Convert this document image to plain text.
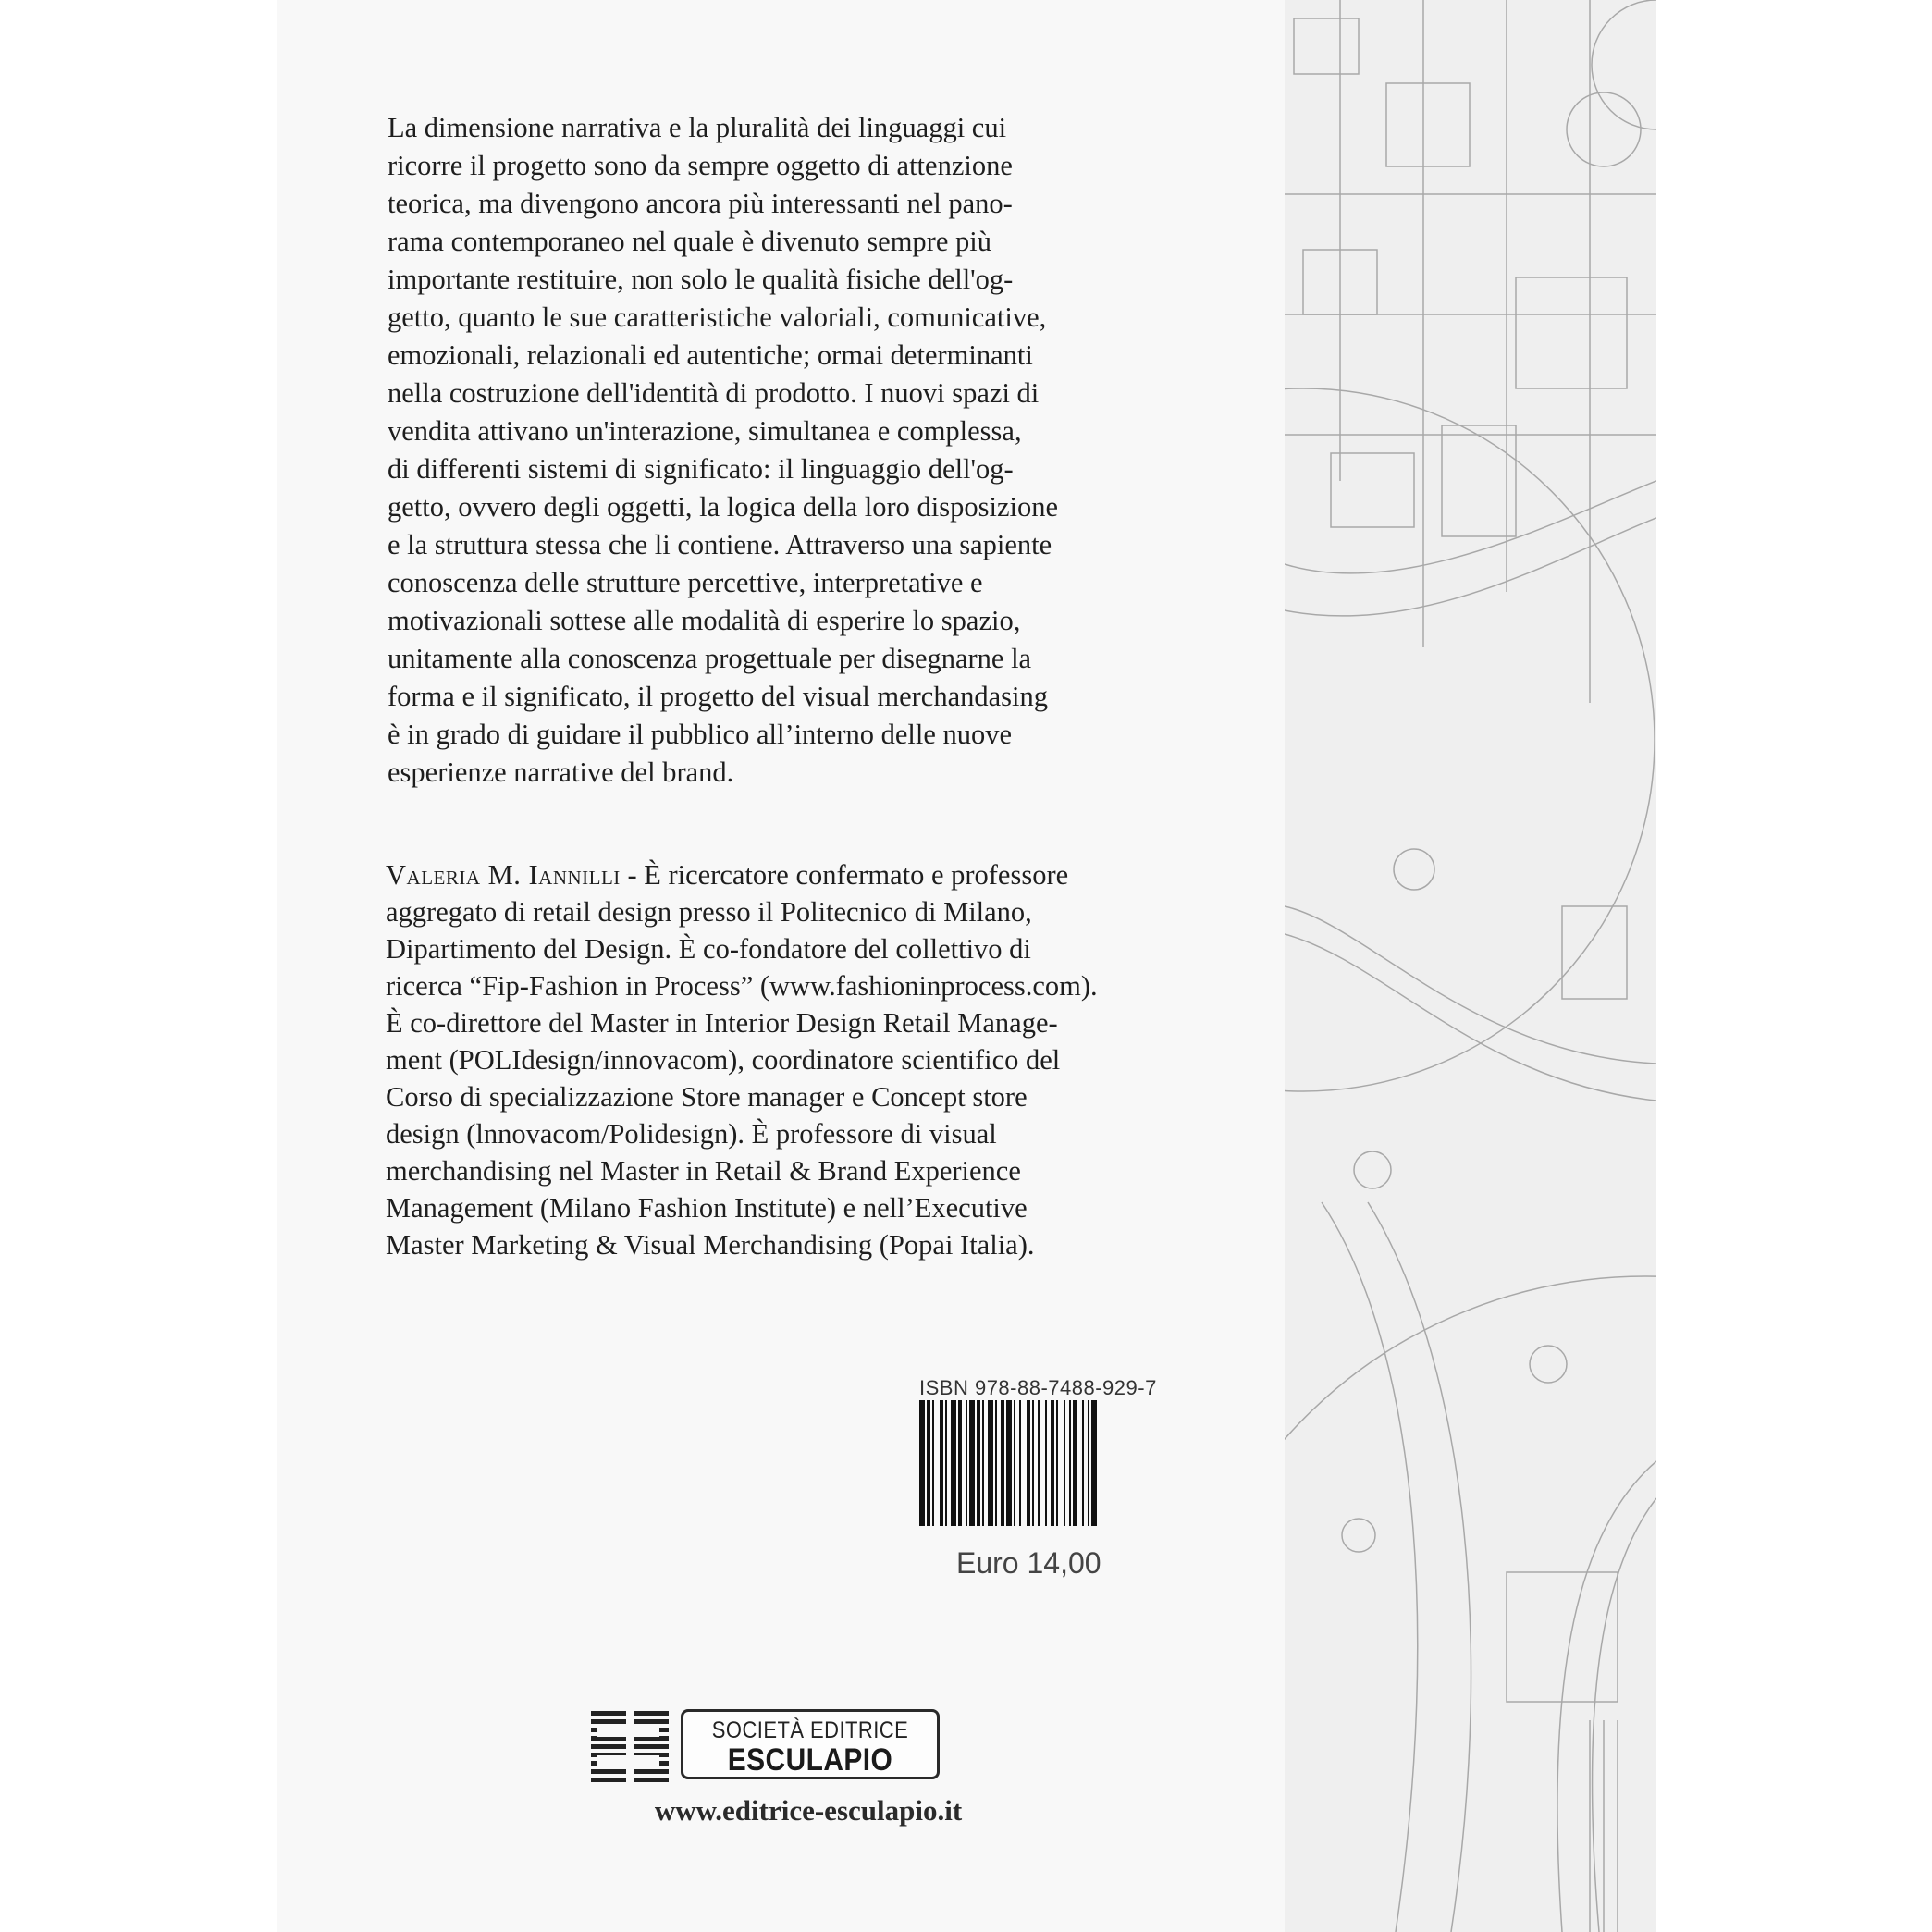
La dimensione narrativa e la pluralità dei linguaggi cui
ricorre il progetto sono da sempre oggetto di attenzione
teorica, ma divengono ancora più interessanti nel pano-
rama contemporaneo nel quale è divenuto sempre più
importante restituire, non solo le qualità fisiche dell'og-
getto, quanto le sue caratteristiche valoriali, comunicative,
emozionali, relazionali ed autentiche; ormai determinanti
nella costruzione dell'identità di prodotto. I nuovi spazi di
vendita attivano un'interazione, simultanea e complessa,
di differenti sistemi di significato: il linguaggio dell'og-
getto, ovvero degli oggetti, la logica della loro disposizione
e la struttura stessa che li contiene. Attraverso una sapiente
conoscenza delle strutture percettive, interpretative e
motivazionali sottese alle modalità di esperire lo spazio,
unitamente alla conoscenza progettuale per disegnarne la
forma e il significato, il progetto del visual merchandasing
è in grado di guidare il pubblico all’interno delle nuove
esperienze narrative del brand.
Valeria M. Iannilli - È ricercatore confermato e professore
aggregato di retail design presso il Politecnico di Milano,
Dipartimento del Design. È co-fondatore del collettivo di
ricerca “Fip-Fashion in Process” (www.fashioninprocess.com).
È co-direttore del Master in Interior Design Retail Manage-
ment (POLIdesign/innovacom), coordinatore scientifico del
Corso di specializzazione Store manager e Concept store
design (lnnovacom/Polidesign). È professore di visual
merchandising nel Master in Retail & Brand Experience
Management (Milano Fashion Institute) e nell’Executive
Master Marketing & Visual Merchandising (Popai Italia).
ISBN 978-88-7488-929-7
Euro 14,00
SOCIETÀ EDITRICE
ESCULAPIO
www.editrice-esculapio.it
